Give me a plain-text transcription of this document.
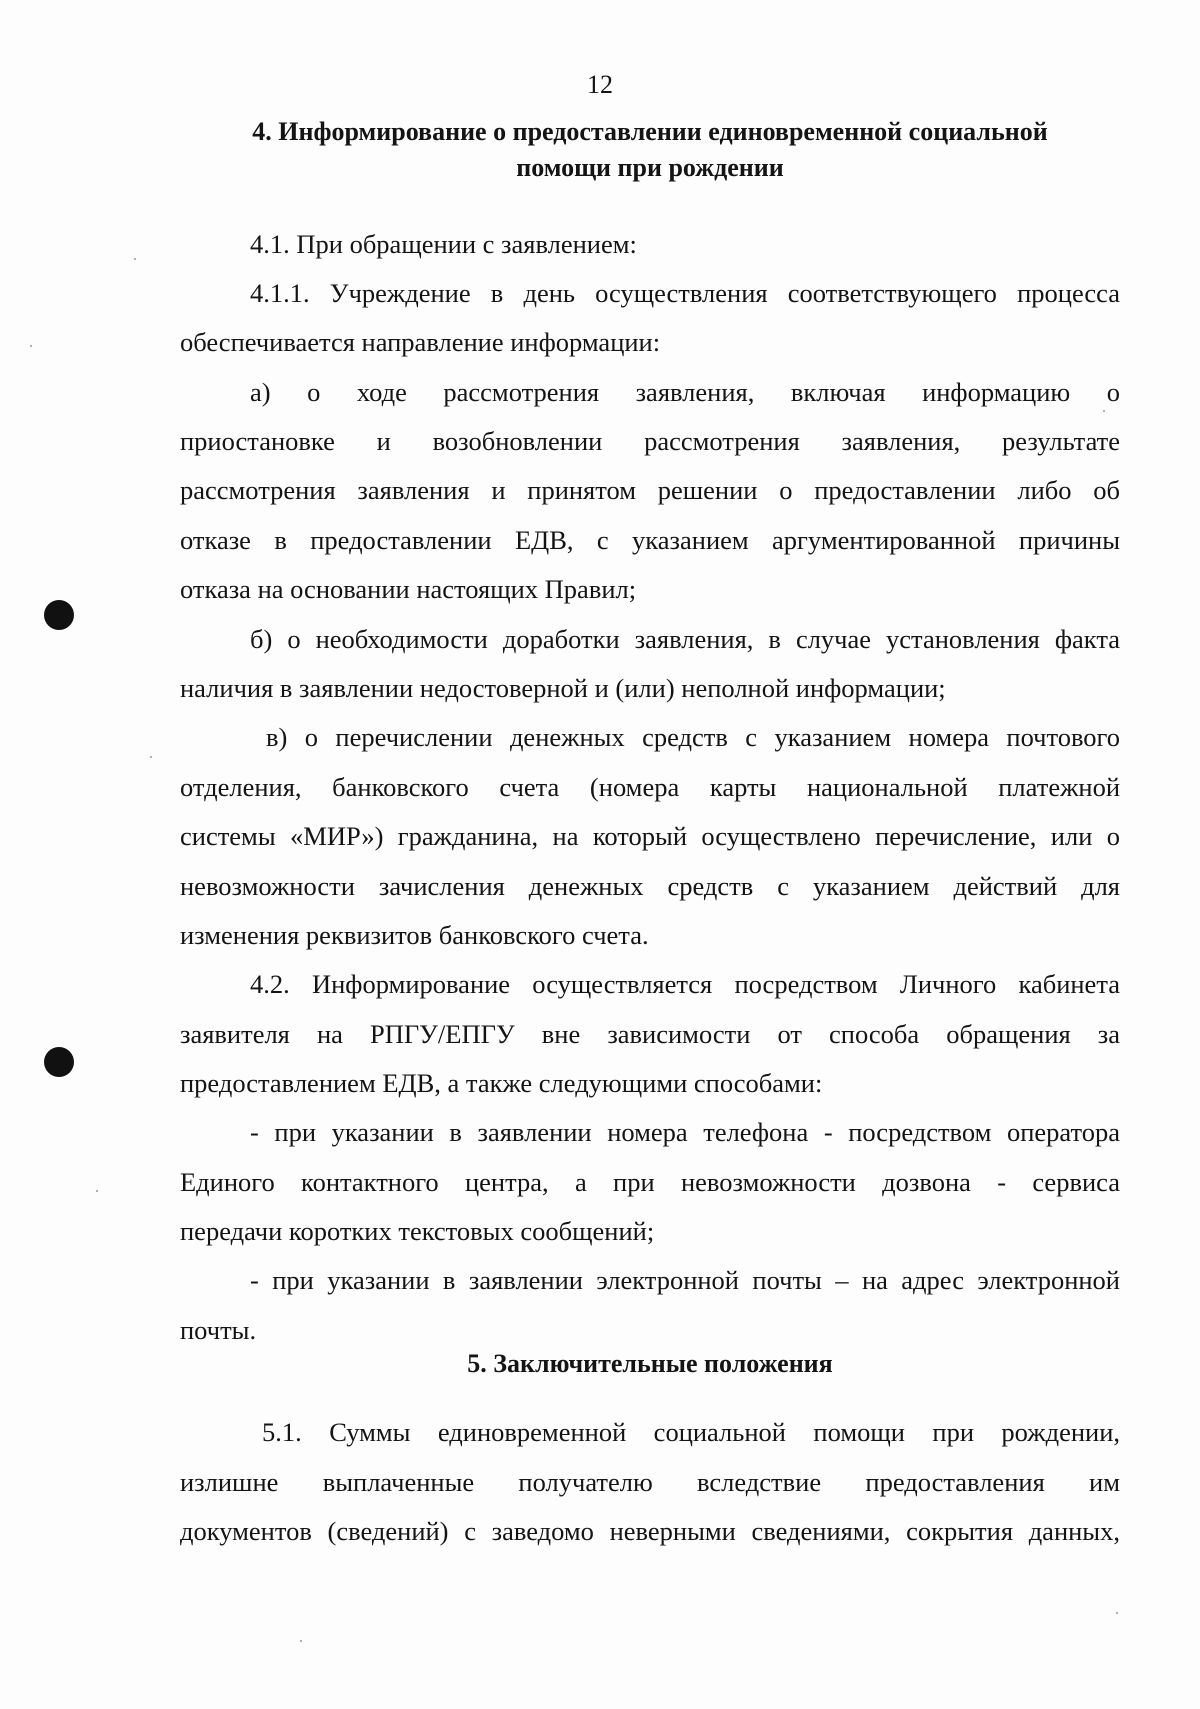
12
4. Информирование о предоставлении единовременной социальной
помощи при рождении
4.1. При обращении с заявлением:
4.1.1. Учреждение в день осуществления соответствующего процесса
обеспечивается направление информации:
а) о ходе рассмотрения заявления, включая информацию о
приостановке и возобновлении рассмотрения заявления, результате
рассмотрения заявления и принятом решении о предоставлении либо об
отказе в предоставлении ЕДВ, с указанием аргументированной причины
отказа на основании настоящих Правил;
б) о необходимости доработки заявления, в случае установления факта
наличия в заявлении недостоверной и (или) неполной информации;
в) о перечислении денежных средств с указанием номера почтового
отделения, банковского счета (номера карты национальной платежной
системы «МИР») гражданина, на который осуществлено перечисление, или о
невозможности зачисления денежных средств с указанием действий для
изменения реквизитов банковского счета.
4.2. Информирование осуществляется посредством Личного кабинета
заявителя на РПГУ/ЕПГУ вне зависимости от способа обращения за
предоставлением ЕДВ, а также следующими способами:
- при указании в заявлении номера телефона - посредством оператора
Единого контактного центра, а при невозможности дозвона - сервиса
передачи коротких текстовых сообщений;
- при указании в заявлении электронной почты – на адрес электронной
почты.
5. Заключительные положения
5.1. Суммы единовременной социальной помощи при рождении,
излишне выплаченные получателю вследствие предоставления им
документов (сведений) с заведомо неверными сведениями, сокрытия данных,
